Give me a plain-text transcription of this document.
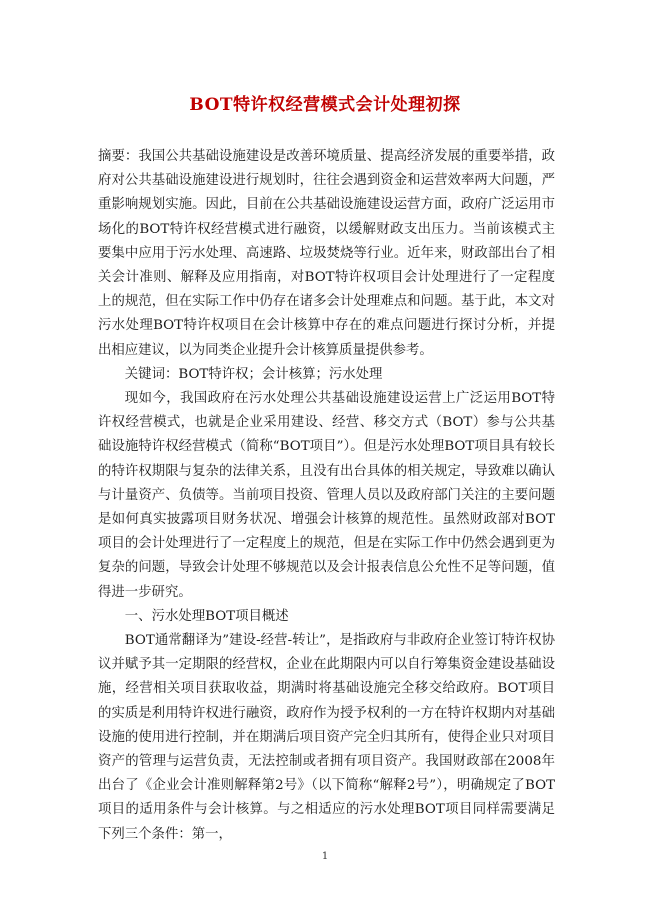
BOT特许权经营模式会计处理初探

摘要：我国公共基础设施建设是改善环境质量、提高经济发展的重要举措，政府对公共基础设施建设进行规划时，往往会遇到资金和运营效率两大问题，严重影响规划实施。因此，目前在公共基础设施建设运营方面，政府广泛运用市场化的BOT特许权经营模式进行融资，以缓解财政支出压力。当前该模式主要集中应用于污水处理、高速路、垃圾焚烧等行业。近年来，财政部出台了相关会计准则、解释及应用指南，对BOT特许权项目会计处理进行了一定程度上的规范，但在实际工作中仍存在诸多会计处理难点和问题。基于此，本文对污水处理BOT特许权项目在会计核算中存在的难点问题进行探讨分析，并提出相应建议，以为同类企业提升会计核算质量提供参考。

关键词：BOT特许权；会计核算；污水处理

现如今，我国政府在污水处理公共基础设施建设运营上广泛运用BOT特许权经营模式，也就是企业采用建设、经营、移交方式（BOT）参与公共基础设施特许权经营模式（简称“BOT项目”）。但是污水处理BOT项目具有较长的特许权期限与复杂的法律关系，且没有出台具体的相关规定，导致难以确认与计量资产、负债等。当前项目投资、管理人员以及政府部门关注的主要问题是如何真实披露项目财务状况、增强会计核算的规范性。虽然财政部对BOT项目的会计处理进行了一定程度上的规范，但是在实际工作中仍然会遇到更为复杂的问题，导致会计处理不够规范以及会计报表信息公允性不足等问题，值得进一步研究。

一、污水处理BOT项目概述

BOT通常翻译为”建设-经营-转让”，是指政府与非政府企业签订特许权协议并赋予其一定期限的经营权，企业在此期限内可以自行筹集资金建设基础设施，经营相关项目获取收益，期满时将基础设施完全移交给政府。BOT项目的实质是利用特许权进行融资，政府作为授予权利的一方在特许权期内对基础设施的使用进行控制，并在期满后项目资产完全归其所有，使得企业只对项目资产的管理与运营负责，无法控制或者拥有项目资产。我国财政部在2008年出台了《企业会计准则解释第2号》（以下简称“解释2号”），明确规定了BOT项目的适用条件与会计核算。与之相适应的污水处理BOT项目同样需要满足下列三个条件：第一，

1
